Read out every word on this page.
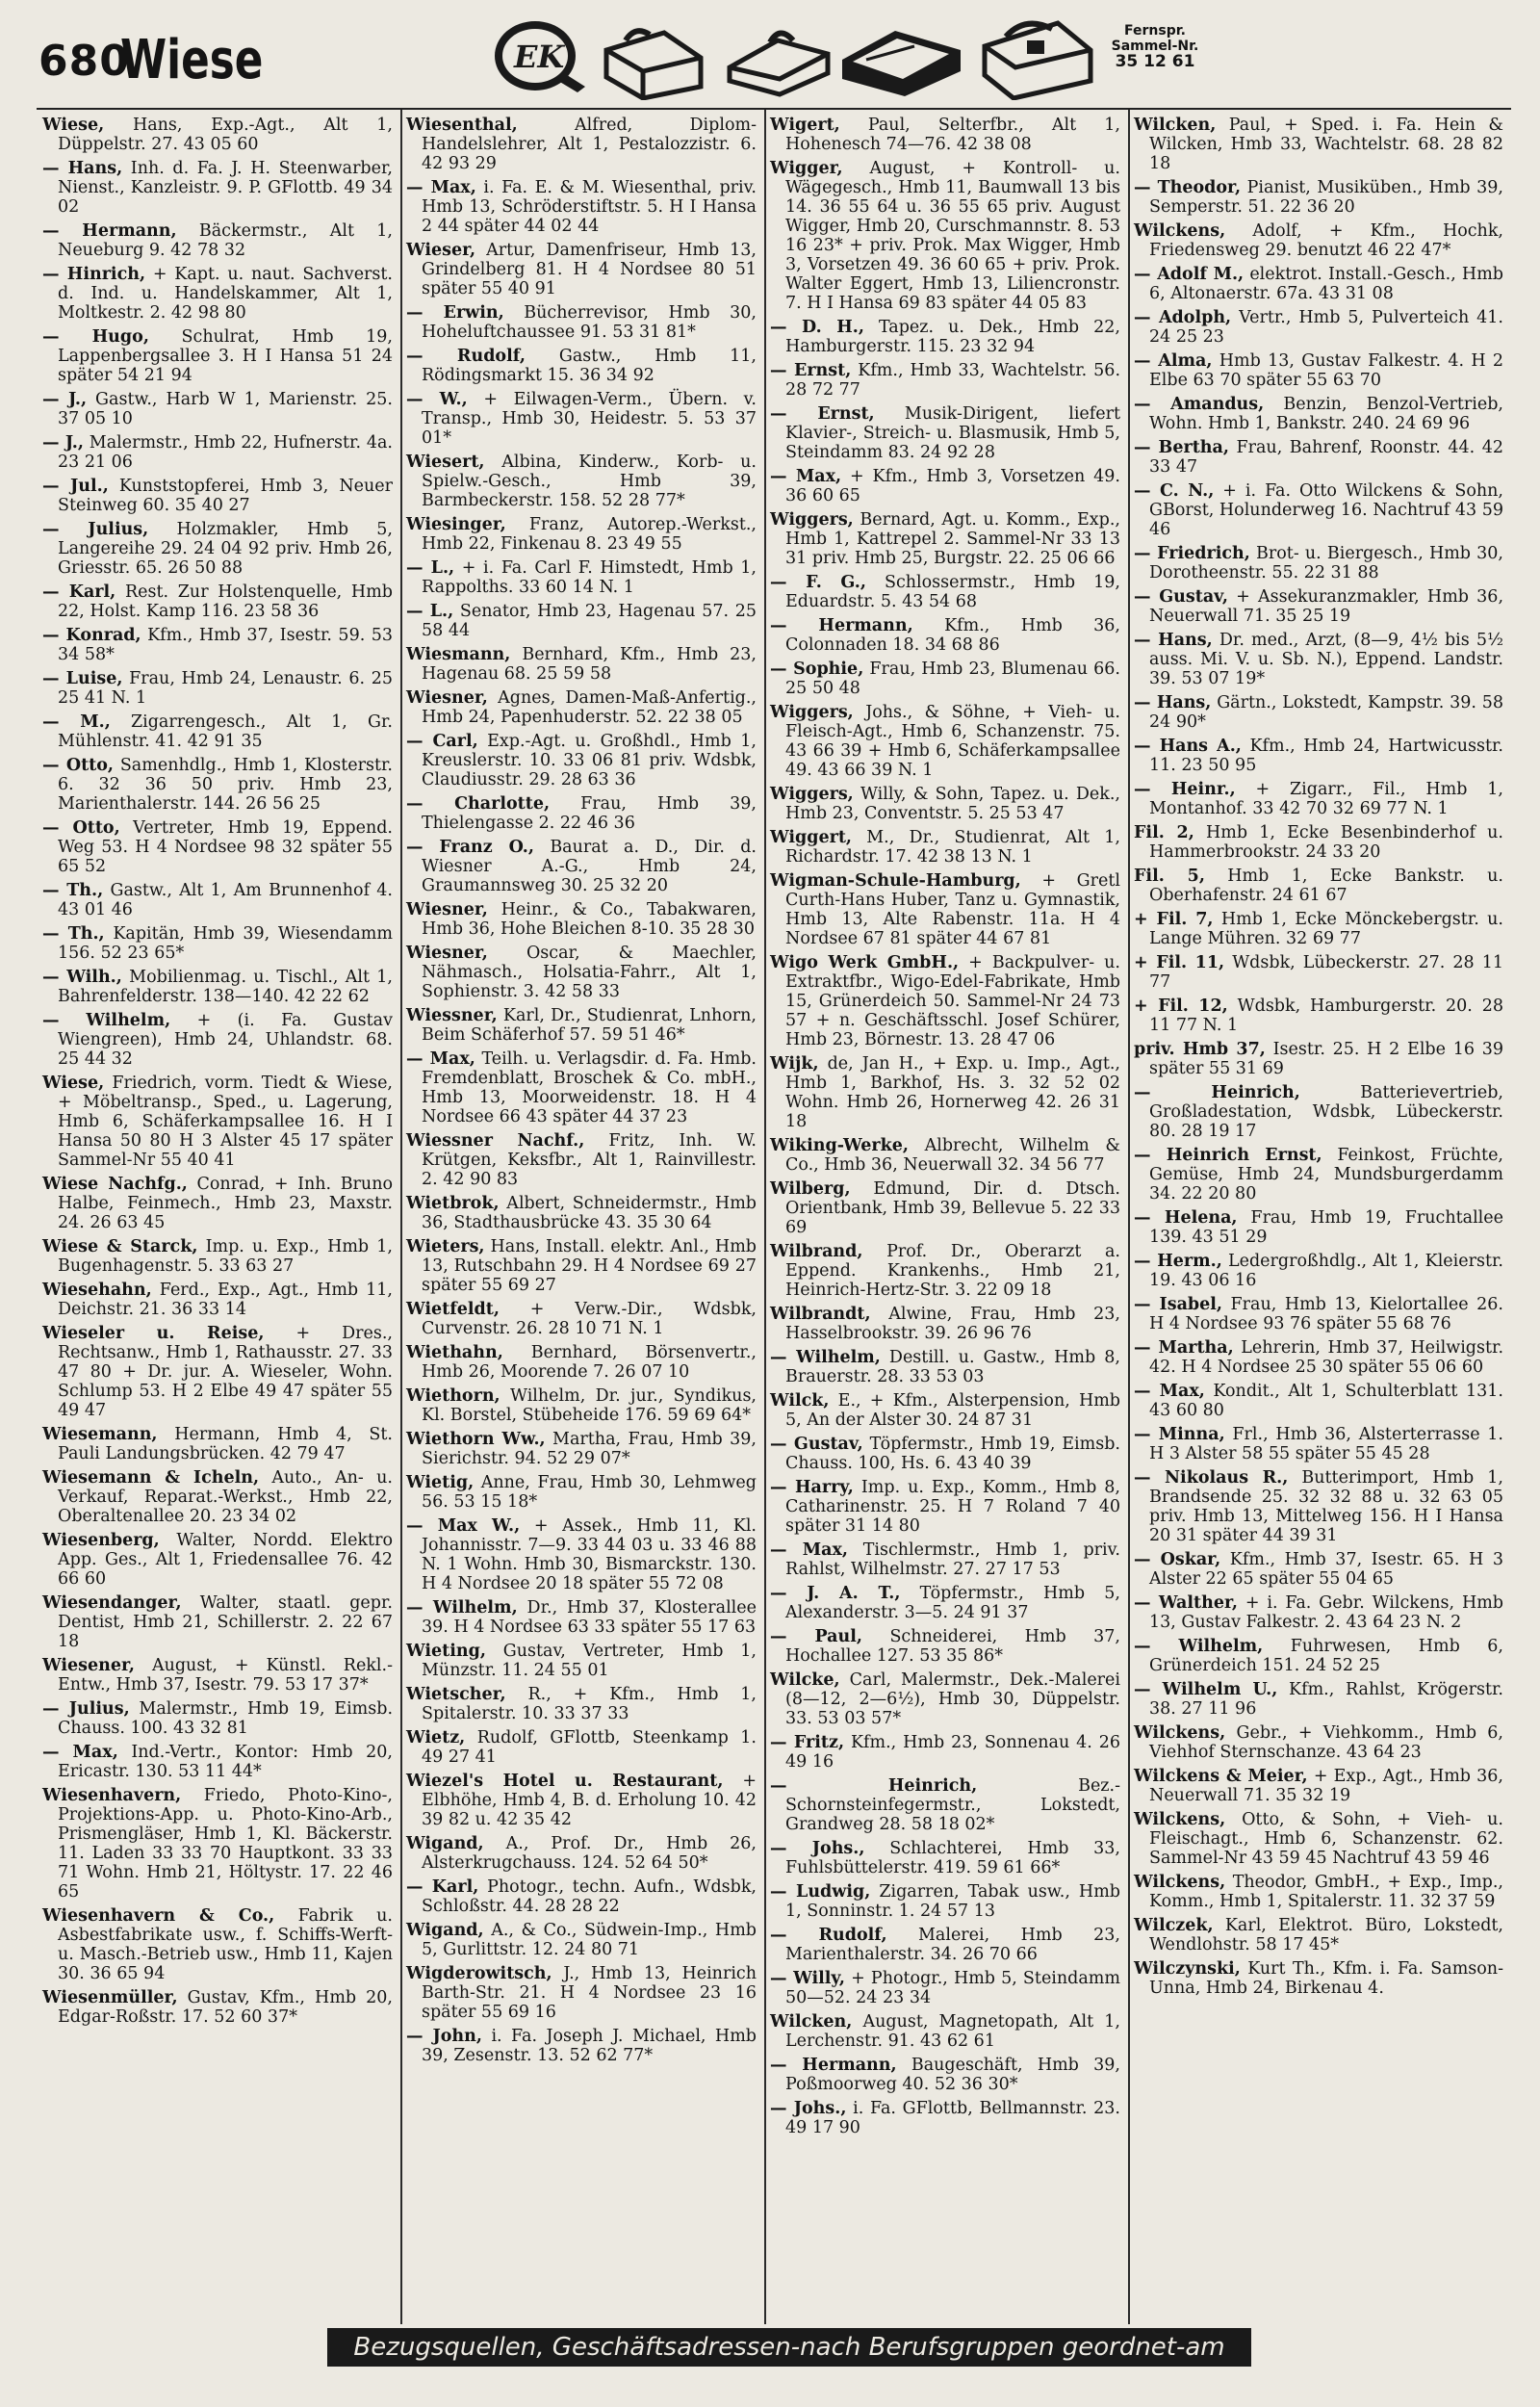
680
Wiese	EK
Fernspr.
Sammel-Nr.
35 12 61
Wiese, Hans, Exp.-Agt., Alt 1, Düppelstr. 27. 43 05 60
— Hans, Inh. d. Fa. J. H. Steenwarber, Nienst., Kanzleistr. 9. P. GFlottb. 49 34 02
— Hermann, Bäckermstr., Alt 1, Neueburg 9. 42 78 32
— Hinrich, + Kapt. u. naut. Sachverst. d. Ind. u. Handelskammer, Alt 1, Moltkestr. 2. 42 98 80
— Hugo, Schulrat, Hmb 19, Lappenbergsallee 3. H I Hansa 51 24 später 54 21 94
— J., Gastw., Harb W 1, Marienstr. 25. 37 05 10
— J., Malermstr., Hmb 22, Hufnerstr. 4a. 23 21 06
— Jul., Kunststopferei, Hmb 3, Neuer Steinweg 60. 35 40 27
— Julius, Holzmakler, Hmb 5, Langereihe 29. 24 04 92 priv. Hmb 26, Griesstr. 65. 26 50 88
— Karl, Rest. Zur Holstenquelle, Hmb 22, Holst. Kamp 116. 23 58 36
— Konrad, Kfm., Hmb 37, Isestr. 59. 53 34 58*
— Luise, Frau, Hmb 24, Lenaustr. 6. 25 25 41 N. 1
— M., Zigarrengesch., Alt 1, Gr. Mühlenstr. 41. 42 91 35
— Otto, Samenhdlg., Hmb 1, Klosterstr. 6. 32 36 50 priv. Hmb 23, Marienthalerstr. 144. 26 56 25
— Otto, Vertreter, Hmb 19, Eppend. Weg 53. H 4 Nordsee 98 32 später 55 65 52
— Th., Gastw., Alt 1, Am Brunnenhof 4. 43 01 46
— Th., Kapitän, Hmb 39, Wiesendamm 156. 52 23 65*
— Wilh., Mobilienmag. u. Tischl., Alt 1, Bahrenfelderstr. 138—140. 42 22 62
— Wilhelm, + (i. Fa. Gustav Wiengreen), Hmb 24, Uhlandstr. 68. 25 44 32
Wiese, Friedrich, vorm. Tiedt & Wiese, + Möbeltransp., Sped., u. Lagerung, Hmb 6, Schäferkampsallee 16. H I Hansa 50 80 H 3 Alster 45 17 später Sammel-Nr 55 40 41
Wiese Nachfg., Conrad, + Inh. Bruno Halbe, Feinmech., Hmb 23, Maxstr. 24. 26 63 45
Wiese & Starck, Imp. u. Exp., Hmb 1, Bugenhagenstr. 5. 33 63 27
Wiesehahn, Ferd., Exp., Agt., Hmb 11, Deichstr. 21. 36 33 14
Wieseler u. Reise, + Dres., Rechtsanw., Hmb 1, Rathausstr. 27. 33 47 80 + Dr. jur. A. Wieseler, Wohn. Schlump 53. H 2 Elbe 49 47 später 55 49 47
Wiesemann, Hermann, Hmb 4, St. Pauli Landungsbrücken. 42 79 47
Wiesemann & Icheln, Auto., An- u. Verkauf, Reparat.-Werkst., Hmb 22, Oberaltenallee 20. 23 34 02
Wiesenberg, Walter, Nordd. Elektro App. Ges., Alt 1, Friedensallee 76. 42 66 60
Wiesendanger, Walter, staatl. gepr. Dentist, Hmb 21, Schillerstr. 2. 22 67 18
Wiesener, August, + Künstl. Rekl.-Entw., Hmb 37, Isestr. 79. 53 17 37*
— Julius, Malermstr., Hmb 19, Eimsb. Chauss. 100. 43 32 81
— Max, Ind.-Vertr., Kontor: Hmb 20, Ericastr. 130. 53 11 44*
Wiesenhavern, Friedo, Photo-Kino-, Projektions-App. u. Photo-Kino-Arb., Prismengläser, Hmb 1, Kl. Bäckerstr. 11. Laden 33 33 70 Hauptkont. 33 33 71 Wohn. Hmb 21, Höltystr. 17. 22 46 65
Wiesenhavern & Co., Fabrik u. Asbestfabrikate usw., f. Schiffs-Werft- u. Masch.-Betrieb usw., Hmb 11, Kajen 30. 36 65 94
Wiesenmüller, Gustav, Kfm., Hmb 20, Edgar-Roßstr. 17. 52 60 37*
Wiesenthal, Alfred, Diplom-Handelslehrer, Alt 1, Pestalozzistr. 6. 42 93 29
— Max, i. Fa. E. & M. Wiesenthal, priv. Hmb 13, Schröderstiftstr. 5. H I Hansa 2 44 später 44 02 44
Wieser, Artur, Damenfriseur, Hmb 13, Grindelberg 81. H 4 Nordsee 80 51 später 55 40 91
— Erwin, Bücherrevisor, Hmb 30, Hoheluftchaussee 91. 53 31 81*
— Rudolf, Gastw., Hmb 11, Rödingsmarkt 15. 36 34 92
— W., + Eilwagen-Verm., Übern. v. Transp., Hmb 30, Heidestr. 5. 53 37 01*
Wiesert, Albina, Kinderw., Korb- u. Spielw.-Gesch., Hmb 39, Barmbeckerstr. 158. 52 28 77*
Wiesinger, Franz, Autorep.-Werkst., Hmb 22, Finkenau 8. 23 49 55
— L., + i. Fa. Carl F. Himstedt, Hmb 1, Rappolths. 33 60 14 N. 1
— L., Senator, Hmb 23, Hagenau 57. 25 58 44
Wiesmann, Bernhard, Kfm., Hmb 23, Hagenau 68. 25 59 58
Wiesner, Agnes, Damen-Maß-Anfertig., Hmb 24, Papenhuderstr. 52. 22 38 05
— Carl, Exp.-Agt. u. Großhdl., Hmb 1, Kreuslerstr. 10. 33 06 81 priv. Wdsbk, Claudiusstr. 29. 28 63 36
— Charlotte, Frau, Hmb 39, Thielengasse 2. 22 46 36
— Franz O., Baurat a. D., Dir. d. Wiesner A.-G., Hmb 24, Graumannsweg 30. 25 32 20
Wiesner, Heinr., & Co., Tabakwaren, Hmb 36, Hohe Bleichen 8-10. 35 28 30
Wiesner, Oscar, & Maechler, Nähmasch., Holsatia-Fahrr., Alt 1, Sophienstr. 3. 42 58 33
Wiessner, Karl, Dr., Studienrat, Lnhorn, Beim Schäferhof 57. 59 51 46*
— Max, Teilh. u. Verlagsdir. d. Fa. Hmb. Fremdenblatt, Broschek & Co. mbH., Hmb 13, Moorweidenstr. 18. H 4 Nordsee 66 43 später 44 37 23
Wiessner Nachf., Fritz, Inh. W. Krütgen, Keksfbr., Alt 1, Rainvillestr. 2. 42 90 83
Wietbrok, Albert, Schneidermstr., Hmb 36, Stadthausbrücke 43. 35 30 64
Wieters, Hans, Install. elektr. Anl., Hmb 13, Rutschbahn 29. H 4 Nordsee 69 27 später 55 69 27
Wietfeldt, + Verw.-Dir., Wdsbk, Curvenstr. 26. 28 10 71 N. 1
Wiethahn, Bernhard, Börsenvertr., Hmb 26, Moorende 7. 26 07 10
Wiethorn, Wilhelm, Dr. jur., Syndikus, Kl. Borstel, Stübeheide 176. 59 69 64*
Wiethorn Ww., Martha, Frau, Hmb 39, Sierichstr. 94. 52 29 07*
Wietig, Anne, Frau, Hmb 30, Lehmweg 56. 53 15 18*
— Max W., + Assek., Hmb 11, Kl. Johannisstr. 7—9. 33 44 03 u. 33 46 88 N. 1 Wohn. Hmb 30, Bismarckstr. 130. H 4 Nordsee 20 18 später 55 72 08
— Wilhelm, Dr., Hmb 37, Klosterallee 39. H 4 Nordsee 63 33 später 55 17 63
Wieting, Gustav, Vertreter, Hmb 1, Münzstr. 11. 24 55 01
Wietscher, R., + Kfm., Hmb 1, Spitalerstr. 10. 33 37 33
Wietz, Rudolf, GFlottb, Steenkamp 1. 49 27 41
Wiezel's Hotel u. Restaurant, + Elbhöhe, Hmb 4, B. d. Erholung 10. 42 39 82 u. 42 35 42
Wigand, A., Prof. Dr., Hmb 26, Alsterkrugchauss. 124. 52 64 50*
— Karl, Photogr., techn. Aufn., Wdsbk, Schloßstr. 44. 28 28 22
Wigand, A., & Co., Südwein-Imp., Hmb 5, Gurlittstr. 12. 24 80 71
Wigderowitsch, J., Hmb 13, Heinrich Barth-Str. 21. H 4 Nordsee 23 16 später 55 69 16
— John, i. Fa. Joseph J. Michael, Hmb 39, Zesenstr. 13. 52 62 77*
Wigert, Paul, Selterfbr., Alt 1, Hohenesch 74—76. 42 38 08
Wigger, August, + Kontroll- u. Wägegesch., Hmb 11, Baumwall 13 bis 14. 36 55 64 u. 36 55 65 priv. August Wigger, Hmb 20, Curschmannstr. 8. 53 16 23* + priv. Prok. Max Wigger, Hmb 3, Vorsetzen 49. 36 60 65 + priv. Prok. Walter Eggert, Hmb 13, Liliencronstr. 7. H I Hansa 69 83 später 44 05 83
— D. H., Tapez. u. Dek., Hmb 22, Hamburgerstr. 115. 23 32 94
— Ernst, Kfm., Hmb 33, Wachtelstr. 56. 28 72 77
— Ernst, Musik-Dirigent, liefert Klavier-, Streich- u. Blasmusik, Hmb 5, Steindamm 83. 24 92 28
— Max, + Kfm., Hmb 3, Vorsetzen 49. 36 60 65
Wiggers, Bernard, Agt. u. Komm., Exp., Hmb 1, Kattrepel 2. Sammel-Nr 33 13 31 priv. Hmb 25, Burgstr. 22. 25 06 66
— F. G., Schlossermstr., Hmb 19, Eduardstr. 5. 43 54 68
— Hermann, Kfm., Hmb 36, Colonnaden 18. 34 68 86
— Sophie, Frau, Hmb 23, Blumenau 66. 25 50 48
Wiggers, Johs., & Söhne, + Vieh- u. Fleisch-Agt., Hmb 6, Schanzenstr. 75. 43 66 39 + Hmb 6, Schäferkampsallee 49. 43 66 39 N. 1
Wiggers, Willy, & Sohn, Tapez. u. Dek., Hmb 23, Conventstr. 5. 25 53 47
Wiggert, M., Dr., Studienrat, Alt 1, Richardstr. 17. 42 38 13 N. 1
Wigman-Schule-Hamburg, + Gretl Curth-Hans Huber, Tanz u. Gymnastik, Hmb 13, Alte Rabenstr. 11a. H 4 Nordsee 67 81 später 44 67 81
Wigo Werk GmbH., + Backpulver- u. Extraktfbr., Wigo-Edel-Fabrikate, Hmb 15, Grünerdeich 50. Sammel-Nr 24 73 57 + n. Geschäftsschl. Josef Schürer, Hmb 23, Börnestr. 13. 28 47 06
Wijk, de, Jan H., + Exp. u. Imp., Agt., Hmb 1, Barkhof, Hs. 3. 32 52 02 Wohn. Hmb 26, Hornerweg 42. 26 31 18
Wiking-Werke, Albrecht, Wilhelm & Co., Hmb 36, Neuerwall 32. 34 56 77
Wilberg, Edmund, Dir. d. Dtsch. Orientbank, Hmb 39, Bellevue 5. 22 33 69
Wilbrand, Prof. Dr., Oberarzt a. Eppend. Krankenhs., Hmb 21, Heinrich-Hertz-Str. 3. 22 09 18
Wilbrandt, Alwine, Frau, Hmb 23, Hasselbrookstr. 39. 26 96 76
— Wilhelm, Destill. u. Gastw., Hmb 8, Brauerstr. 28. 33 53 03
Wilck, E., + Kfm., Alsterpension, Hmb 5, An der Alster 30. 24 87 31
— Gustav, Töpfermstr., Hmb 19, Eimsb. Chauss. 100, Hs. 6. 43 40 39
— Harry, Imp. u. Exp., Komm., Hmb 8, Catharinenstr. 25. H 7 Roland 7 40 später 31 14 80
— Max, Tischlermstr., Hmb 1, priv. Rahlst, Wilhelmstr. 27. 27 17 53
— J. A. T., Töpfermstr., Hmb 5, Alexanderstr. 3—5. 24 91 37
— Paul, Schneiderei, Hmb 37, Hochallee 127. 53 35 86*
Wilcke, Carl, Malermstr., Dek.-Malerei (8—12, 2—6½), Hmb 30, Düppelstr. 33. 53 03 57*
— Fritz, Kfm., Hmb 23, Sonnenau 4. 26 49 16
— Heinrich, Bez.-Schornsteinfegermstr., Lokstedt, Grandweg 28. 58 18 02*
— Johs., Schlachterei, Hmb 33, Fuhlsbüttelerstr. 419. 59 61 66*
— Ludwig, Zigarren, Tabak usw., Hmb 1, Sonninstr. 1. 24 57 13
— Rudolf, Malerei, Hmb 23, Marienthalerstr. 34. 26 70 66
— Willy, + Photogr., Hmb 5, Steindamm 50—52. 24 23 34
Wilcken, August, Magnetopath, Alt 1, Lerchenstr. 91. 43 62 61
— Hermann, Baugeschäft, Hmb 39, Poßmoorweg 40. 52 36 30*
— Johs., i. Fa. GFlottb, Bellmannstr. 23. 49 17 90
Wilcken, Paul, + Sped. i. Fa. Hein & Wilcken, Hmb 33, Wachtelstr. 68. 28 82 18
— Theodor, Pianist, Musiküben., Hmb 39, Semperstr. 51. 22 36 20
Wilckens, Adolf, + Kfm., Hochk, Friedensweg 29. benutzt 46 22 47*
— Adolf M., elektrot. Install.-Gesch., Hmb 6, Altonaerstr. 67a. 43 31 08
— Adolph, Vertr., Hmb 5, Pulverteich 41. 24 25 23
— Alma, Hmb 13, Gustav Falkestr. 4. H 2 Elbe 63 70 später 55 63 70
— Amandus, Benzin, Benzol-Vertrieb, Wohn. Hmb 1, Bankstr. 240. 24 69 96
— Bertha, Frau, Bahrenf, Roonstr. 44. 42 33 47
— C. N., + i. Fa. Otto Wilckens & Sohn, GBorst, Holunderweg 16. Nachtruf 43 59 46
— Friedrich, Brot- u. Biergesch., Hmb 30, Dorotheenstr. 55. 22 31 88
— Gustav, + Assekuranzmakler, Hmb 36, Neuerwall 71. 35 25 19
— Hans, Dr. med., Arzt, (8—9, 4½ bis 5½ auss. Mi. V. u. Sb. N.), Eppend. Landstr. 39. 53 07 19*
— Hans, Gärtn., Lokstedt, Kampstr. 39. 58 24 90*
— Hans A., Kfm., Hmb 24, Hartwicusstr. 11. 23 50 95
— Heinr., + Zigarr., Fil., Hmb 1, Montanhof. 33 42 70 32 69 77 N. 1
Fil. 2, Hmb 1, Ecke Besenbinderhof u. Hammerbrookstr. 24 33 20
Fil. 5, Hmb 1, Ecke Bankstr. u. Oberhafenstr. 24 61 67
+ Fil. 7, Hmb 1, Ecke Mönckebergstr. u. Lange Mühren. 32 69 77
+ Fil. 11, Wdsbk, Lübeckerstr. 27. 28 11 77
+ Fil. 12, Wdsbk, Hamburgerstr. 20. 28 11 77 N. 1
priv. Hmb 37, Isestr. 25. H 2 Elbe 16 39 später 55 31 69
— Heinrich, Batterievertrieb, Großladestation, Wdsbk, Lübeckerstr. 80. 28 19 17
— Heinrich Ernst, Feinkost, Früchte, Gemüse, Hmb 24, Mundsburgerdamm 34. 22 20 80
— Helena, Frau, Hmb 19, Fruchtallee 139. 43 51 29
— Herm., Ledergroßhdlg., Alt 1, Kleierstr. 19. 43 06 16
— Isabel, Frau, Hmb 13, Kielortallee 26. H 4 Nordsee 93 76 später 55 68 76
— Martha, Lehrerin, Hmb 37, Heilwigstr. 42. H 4 Nordsee 25 30 später 55 06 60
— Max, Kondit., Alt 1, Schulterblatt 131. 43 60 80
— Minna, Frl., Hmb 36, Alsterterrasse 1. H 3 Alster 58 55 später 55 45 28
— Nikolaus R., Butterimport, Hmb 1, Brandsende 25. 32 32 88 u. 32 63 05 priv. Hmb 13, Mittelweg 156. H I Hansa 20 31 später 44 39 31
— Oskar, Kfm., Hmb 37, Isestr. 65. H 3 Alster 22 65 später 55 04 65
— Walther, + i. Fa. Gebr. Wilckens, Hmb 13, Gustav Falkestr. 2. 43 64 23 N. 2
— Wilhelm, Fuhrwesen, Hmb 6, Grünerdeich 151. 24 52 25
— Wilhelm U., Kfm., Rahlst, Krögerstr. 38. 27 11 96
Wilckens, Gebr., + Viehkomm., Hmb 6, Viehhof Sternschanze. 43 64 23
Wilckens & Meier, + Exp., Agt., Hmb 36, Neuerwall 71. 35 32 19
Wilckens, Otto, & Sohn, + Vieh- u. Fleischagt., Hmb 6, Schanzenstr. 62. Sammel-Nr 43 59 45 Nachtruf 43 59 46
Wilckens, Theodor, GmbH., + Exp., Imp., Komm., Hmb 1, Spitalerstr. 11. 32 37 59
Wilczek, Karl, Elektrot. Büro, Lokstedt, Wendlohstr. 58 17 45*
Wilczynski, Kurt Th., Kfm. i. Fa. Samson-Unna, Hmb 24, Birkenau 4.
Bezugsquellen, Geschäftsadressen-nach Berufsgruppen geordnet-am Ende des Buches
